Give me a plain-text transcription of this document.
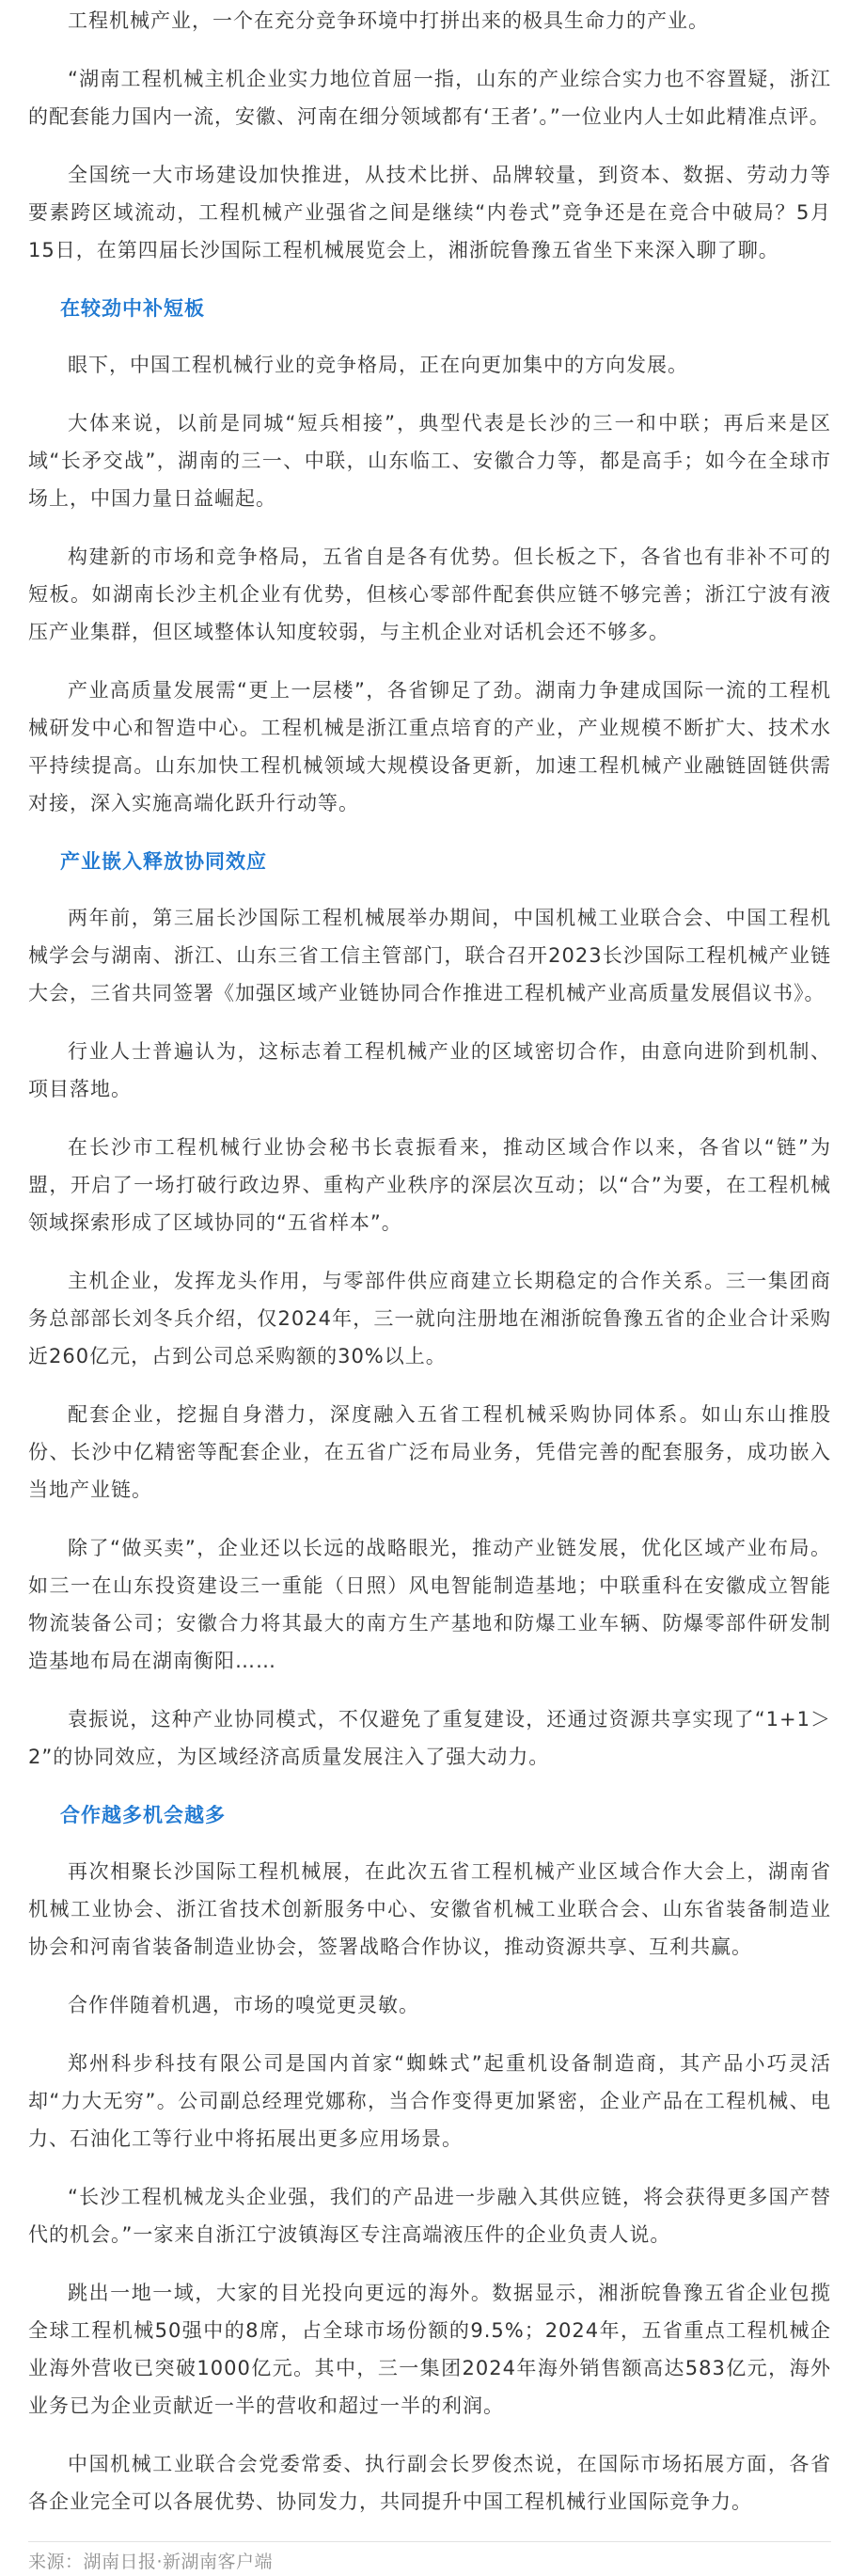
工程机械产业，一个在充分竞争环境中打拼出来的极具生命力的产业。

“湖南工程机械主机企业实力地位首屈一指，山东的产业综合实力也不容置疑，浙江的配套能力国内一流，安徽、河南在细分领域都有‘王者’。”一位业内人士如此精准点评。

全国统一大市场建设加快推进，从技术比拼、品牌较量，到资本、数据、劳动力等要素跨区域流动，工程机械产业强省之间是继续“内卷式”竞争还是在竞合中破局？5月15日，在第四届长沙国际工程机械展览会上，湘浙皖鲁豫五省坐下来深入聊了聊。

在较劲中补短板

眼下，中国工程机械行业的竞争格局，正在向更加集中的方向发展。

大体来说，以前是同城“短兵相接”，典型代表是长沙的三一和中联；再后来是区域“长矛交战”，湖南的三一、中联，山东临工、安徽合力等，都是高手；如今在全球市场上，中国力量日益崛起。

构建新的市场和竞争格局，五省自是各有优势。但长板之下，各省也有非补不可的短板。如湖南长沙主机企业有优势，但核心零部件配套供应链不够完善；浙江宁波有液压产业集群，但区域整体认知度较弱，与主机企业对话机会还不够多。

产业高质量发展需“更上一层楼”，各省铆足了劲。湖南力争建成国际一流的工程机械研发中心和智造中心。工程机械是浙江重点培育的产业，产业规模不断扩大、技术水平持续提高。山东加快工程机械领域大规模设备更新，加速工程机械产业融链固链供需对接，深入实施高端化跃升行动等。

产业嵌入释放协同效应

两年前，第三届长沙国际工程机械展举办期间，中国机械工业联合会、中国工程机械学会与湖南、浙江、山东三省工信主管部门，联合召开2023长沙国际工程机械产业链大会，三省共同签署《加强区域产业链协同合作推进工程机械产业高质量发展倡议书》。

行业人士普遍认为，这标志着工程机械产业的区域密切合作，由意向进阶到机制、项目落地。

在长沙市工程机械行业协会秘书长袁振看来，推动区域合作以来，各省以“链”为盟，开启了一场打破行政边界、重构产业秩序的深层次互动；以“合”为要，在工程机械领域探索形成了区域协同的“五省样本”。

主机企业，发挥龙头作用，与零部件供应商建立长期稳定的合作关系。三一集团商务总部部长刘冬兵介绍，仅2024年，三一就向注册地在湘浙皖鲁豫五省的企业合计采购近260亿元，占到公司总采购额的30%以上。

配套企业，挖掘自身潜力，深度融入五省工程机械采购协同体系。如山东山推股份、长沙中亿精密等配套企业，在五省广泛布局业务，凭借完善的配套服务，成功嵌入当地产业链。

除了“做买卖”，企业还以长远的战略眼光，推动产业链发展，优化区域产业布局。如三一在山东投资建设三一重能（日照）风电智能制造基地；中联重科在安徽成立智能物流装备公司；安徽合力将其最大的南方生产基地和防爆工业车辆、防爆零部件研发制造基地布局在湖南衡阳……

袁振说，这种产业协同模式，不仅避免了重复建设，还通过资源共享实现了“1+1＞2”的协同效应，为区域经济高质量发展注入了强大动力。

合作越多机会越多

再次相聚长沙国际工程机械展，在此次五省工程机械产业区域合作大会上，湖南省机械工业协会、浙江省技术创新服务中心、安徽省机械工业联合会、山东省装备制造业协会和河南省装备制造业协会，签署战略合作协议，推动资源共享、互利共赢。

合作伴随着机遇，市场的嗅觉更灵敏。

郑州科步科技有限公司是国内首家“蜘蛛式”起重机设备制造商，其产品小巧灵活却“力大无穷”。公司副总经理党娜称，当合作变得更加紧密，企业产品在工程机械、电力、石油化工等行业中将拓展出更多应用场景。

“长沙工程机械龙头企业强，我们的产品进一步融入其供应链，将会获得更多国产替代的机会。”一家来自浙江宁波镇海区专注高端液压件的企业负责人说。

跳出一地一域，大家的目光投向更远的海外。数据显示，湘浙皖鲁豫五省企业包揽全球工程机械50强中的8席，占全球市场份额的9.5%；2024年，五省重点工程机械企业海外营收已突破1000亿元。其中，三一集团2024年海外销售额高达583亿元，海外业务已为企业贡献近一半的营收和超过一半的利润。

中国机械工业联合会党委常委、执行副会长罗俊杰说，在国际市场拓展方面，各省各企业完全可以各展优势、协同发力，共同提升中国工程机械行业国际竞争力。

来源：湖南日报·新湖南客户端
